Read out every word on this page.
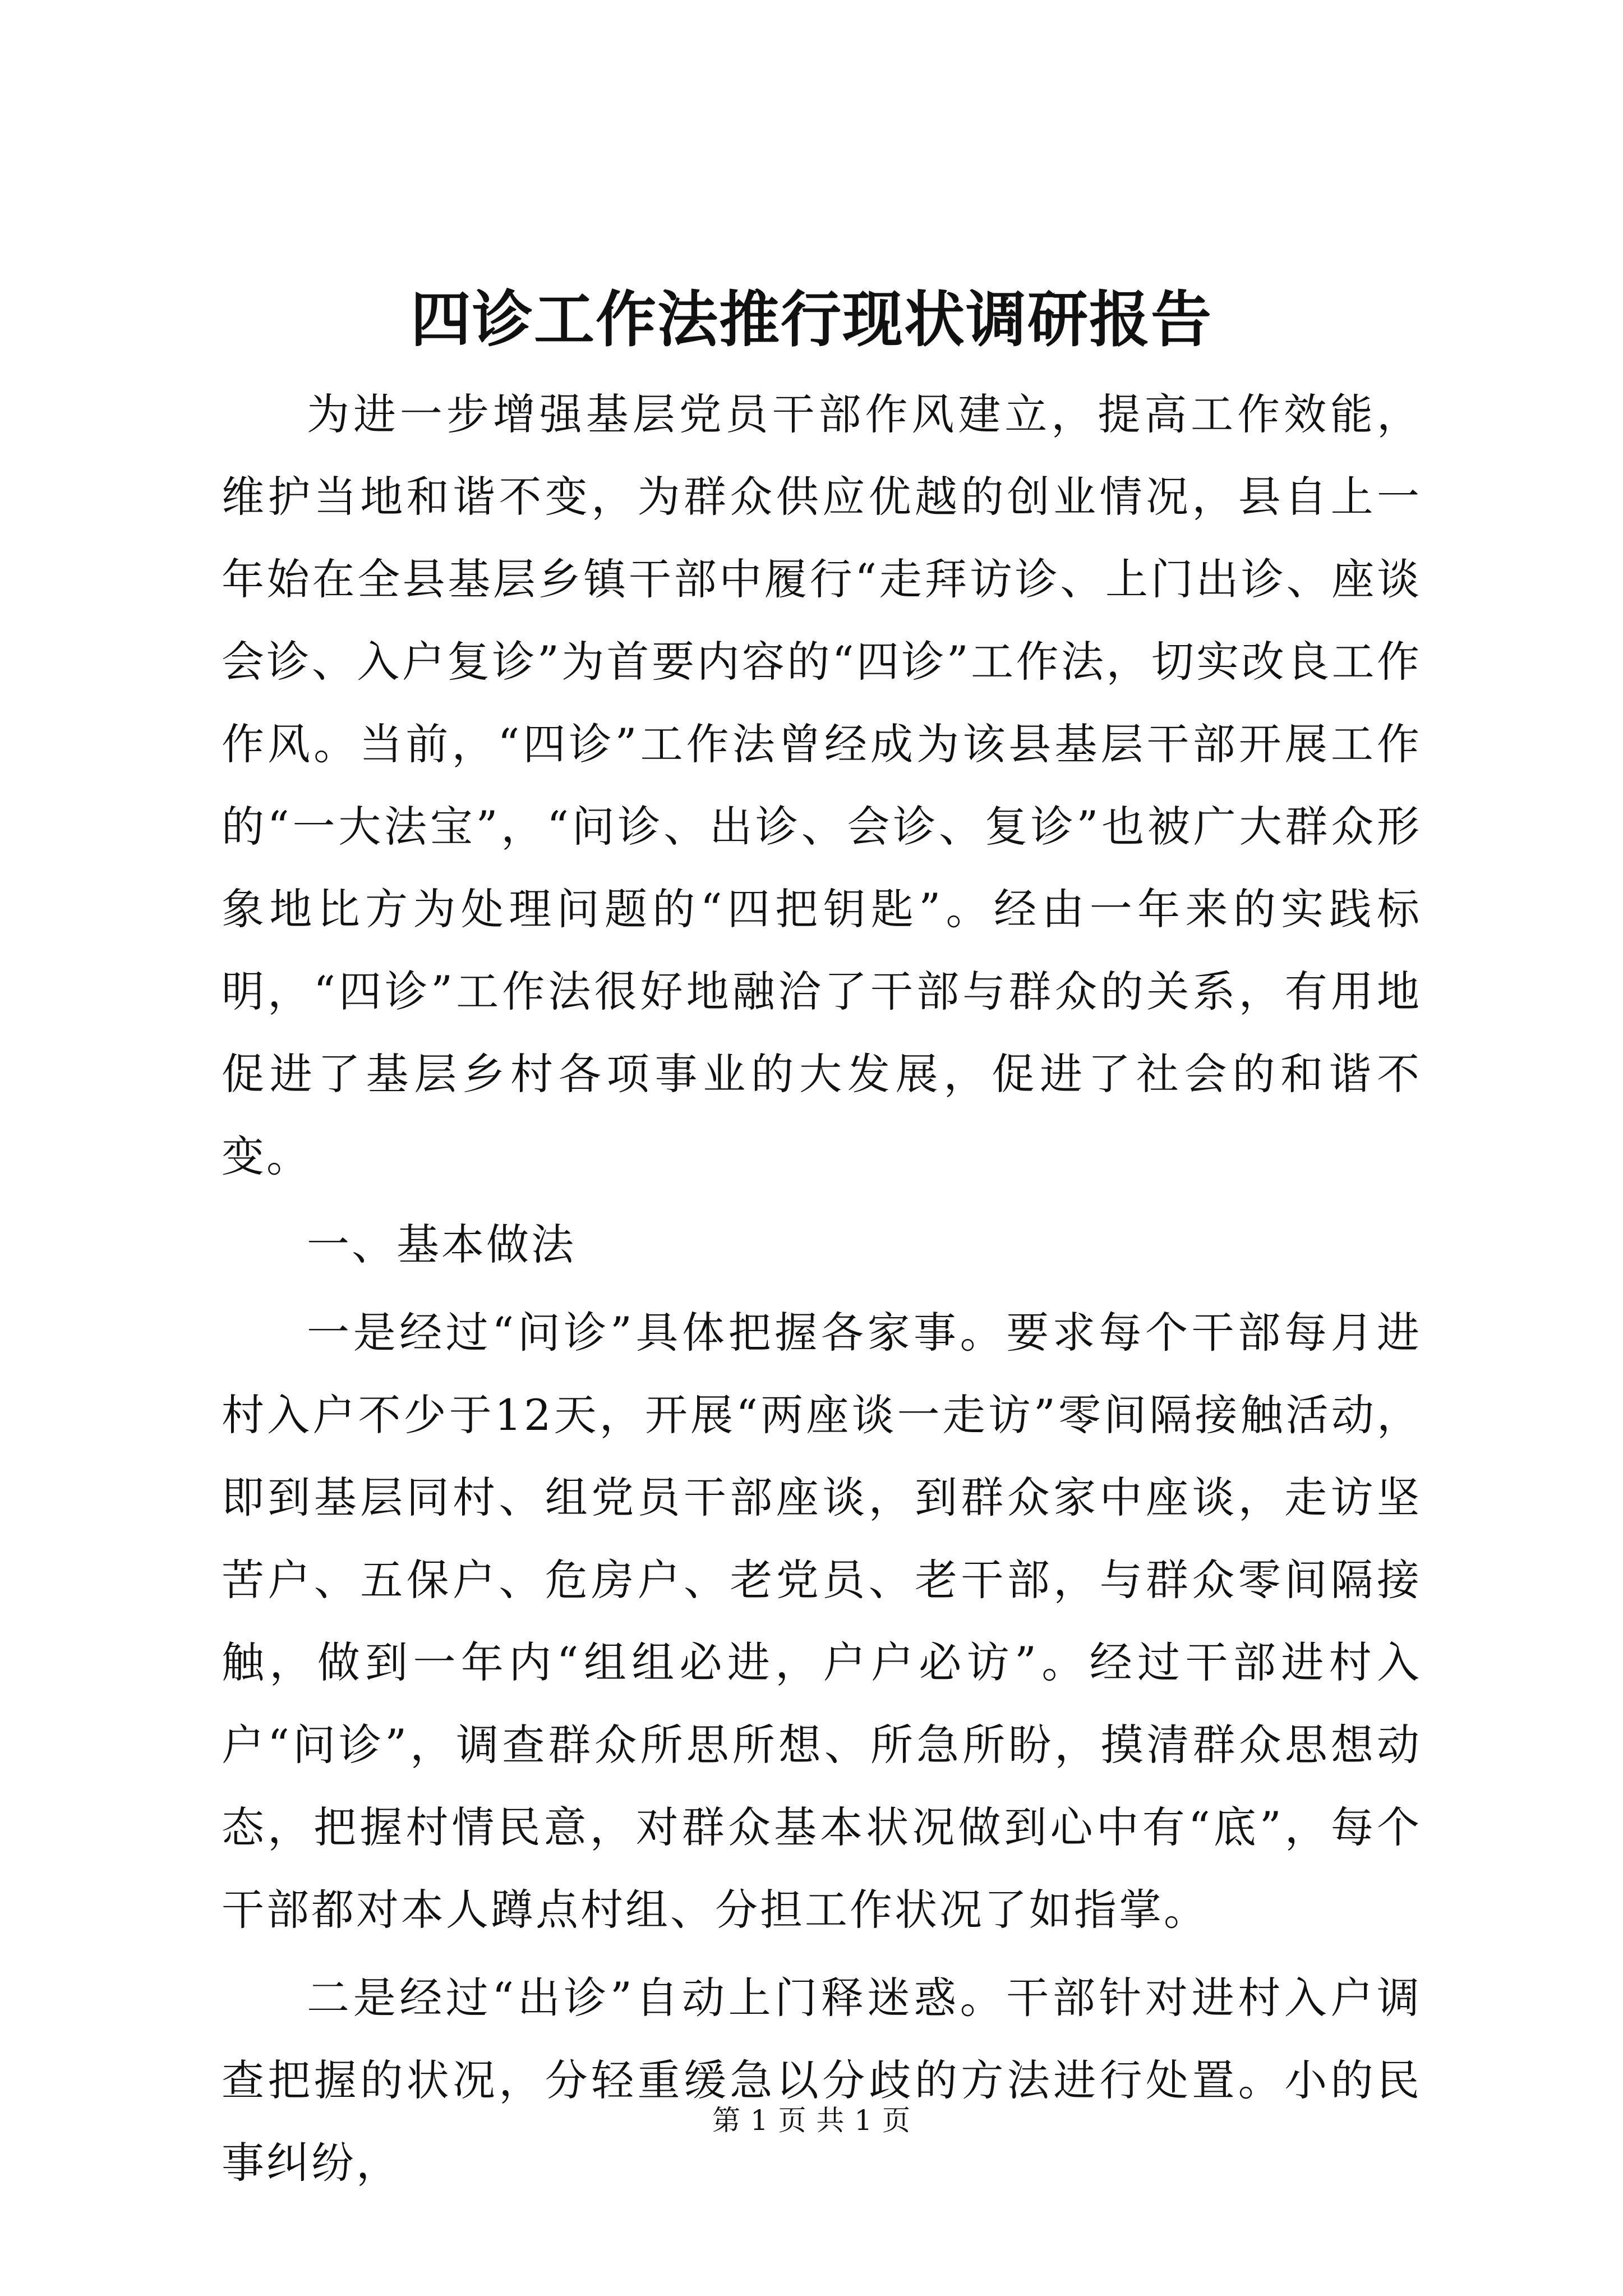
四诊工作法推行现状调研报告

为进一步增强基层党员干部作风建立，提高工作效能，维护当地和谐不变，为群众供应优越的创业情况，县自上一年始在全县基层乡镇干部中履行“走拜访诊、上门出诊、座谈会诊、入户复诊”为首要内容的“四诊”工作法，切实改良工作作风。当前，“四诊”工作法曾经成为该县基层干部开展工作的“一大法宝”，“问诊、出诊、会诊、复诊”也被广大群众形象地比方为处理问题的“四把钥匙”。经由一年来的实践标明，“四诊”工作法很好地融洽了干部与群众的关系，有用地促进了基层乡村各项事业的大发展，促进了社会的和谐不变。

一、基本做法

一是经过“问诊”具体把握各家事。要求每个干部每月进村入户不少于12天，开展“两座谈一走访”零间隔接触活动，即到基层同村、组党员干部座谈，到群众家中座谈，走访坚苦户、五保户、危房户、老党员、老干部，与群众零间隔接触，做到一年内“组组必进，户户必访”。经过干部进村入户“问诊”，调查群众所思所想、所急所盼，摸清群众思想动态，把握村情民意，对群众基本状况做到心中有“底”，每个干部都对本人蹲点村组、分担工作状况了如指掌。

二是经过“出诊”自动上门释迷惑。干部针对进村入户调查把握的状况，分轻重缓急以分歧的方法进行处置。小的民事纠纷，

第 1 页 共 1 页
